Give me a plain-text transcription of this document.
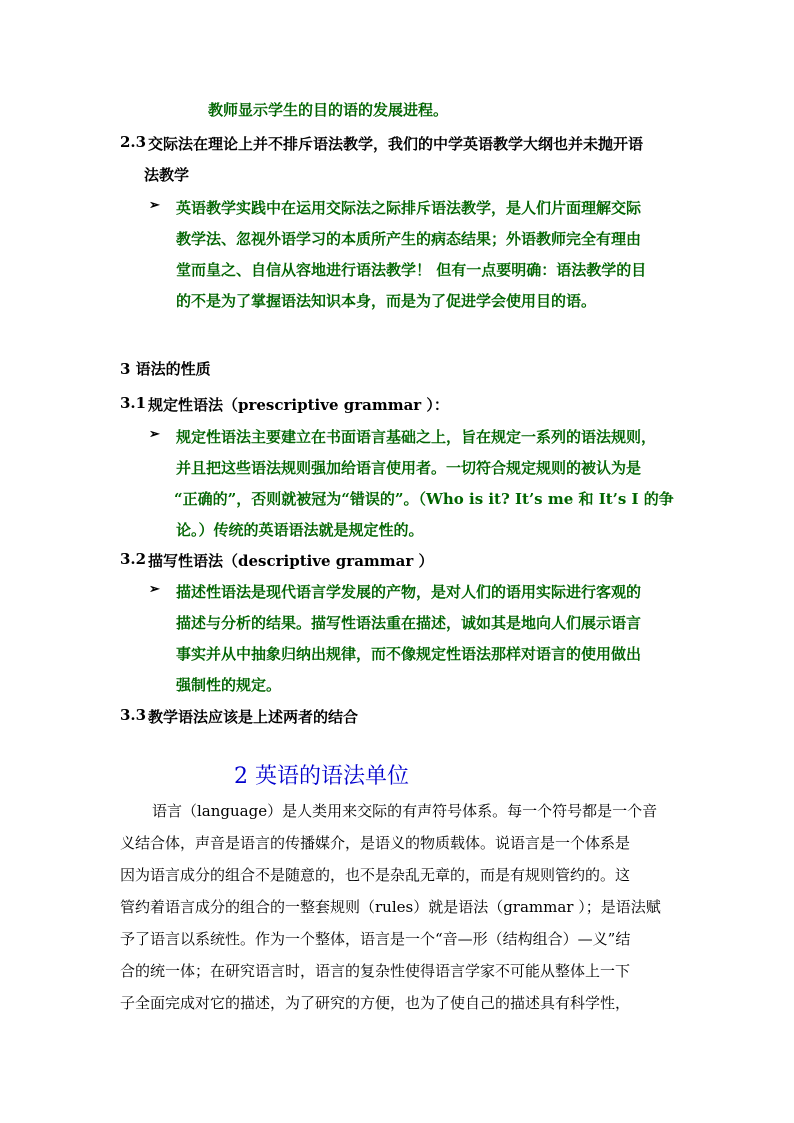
教师显示学生的目的语的发展进程。
2.3 交际法在理论上并不排斥语法教学，我们的中学英语教学大纲也并未抛开语
法教学
➢ 英语教学实践中在运用交际法之际排斥语法教学，是人们片面理解交际
教学法、忽视外语学习的本质所产生的病态结果；外语教师完全有理由
堂而皇之、自信从容地进行语法教学！ 但有一点要明确：语法教学的目
的不是为了掌握语法知识本身，而是为了促进学会使用目的语。
3 语法的性质
3.1 规定性语法（prescriptive grammar ）：
➢ 规定性语法主要建立在书面语言基础之上，旨在规定一系列的语法规则，
并且把这些语法规则强加给语言使用者。一切符合规定规则的被认为是
“正确的”，否则就被冠为“错误的”。（Who is it? It’s me 和 It’s I 的争
论。）传统的英语语法就是规定性的。
3.2 描写性语法（descriptive grammar ）
➢ 描述性语法是现代语言学发展的产物，是对人们的语用实际进行客观的
描述与分析的结果。描写性语法重在描述，诚如其是地向人们展示语言
事实并从中抽象归纳出规律，而不像规定性语法那样对语言的使用做出
强制性的规定。
3.3 教学语法应该是上述两者的结合
2 英语的语法单位
语言（language）是人类用来交际的有声符号体系。每一个符号都是一个音
义结合体，声音是语言的传播媒介，是语义的物质载体。说语言是一个体系是
因为语言成分的组合不是随意的，也不是杂乱无章的，而是有规则管约的。这
管约着语言成分的组合的一整套规则（rules）就是语法（grammar ）；是语法赋
予了语言以系统性。作为一个整体，语言是一个“音—形（结构组合）—义”结
合的统一体；在研究语言时，语言的复杂性使得语言学家不可能从整体上一下
子全面完成对它的描述，为了研究的方便，也为了使自己的描述具有科学性，
